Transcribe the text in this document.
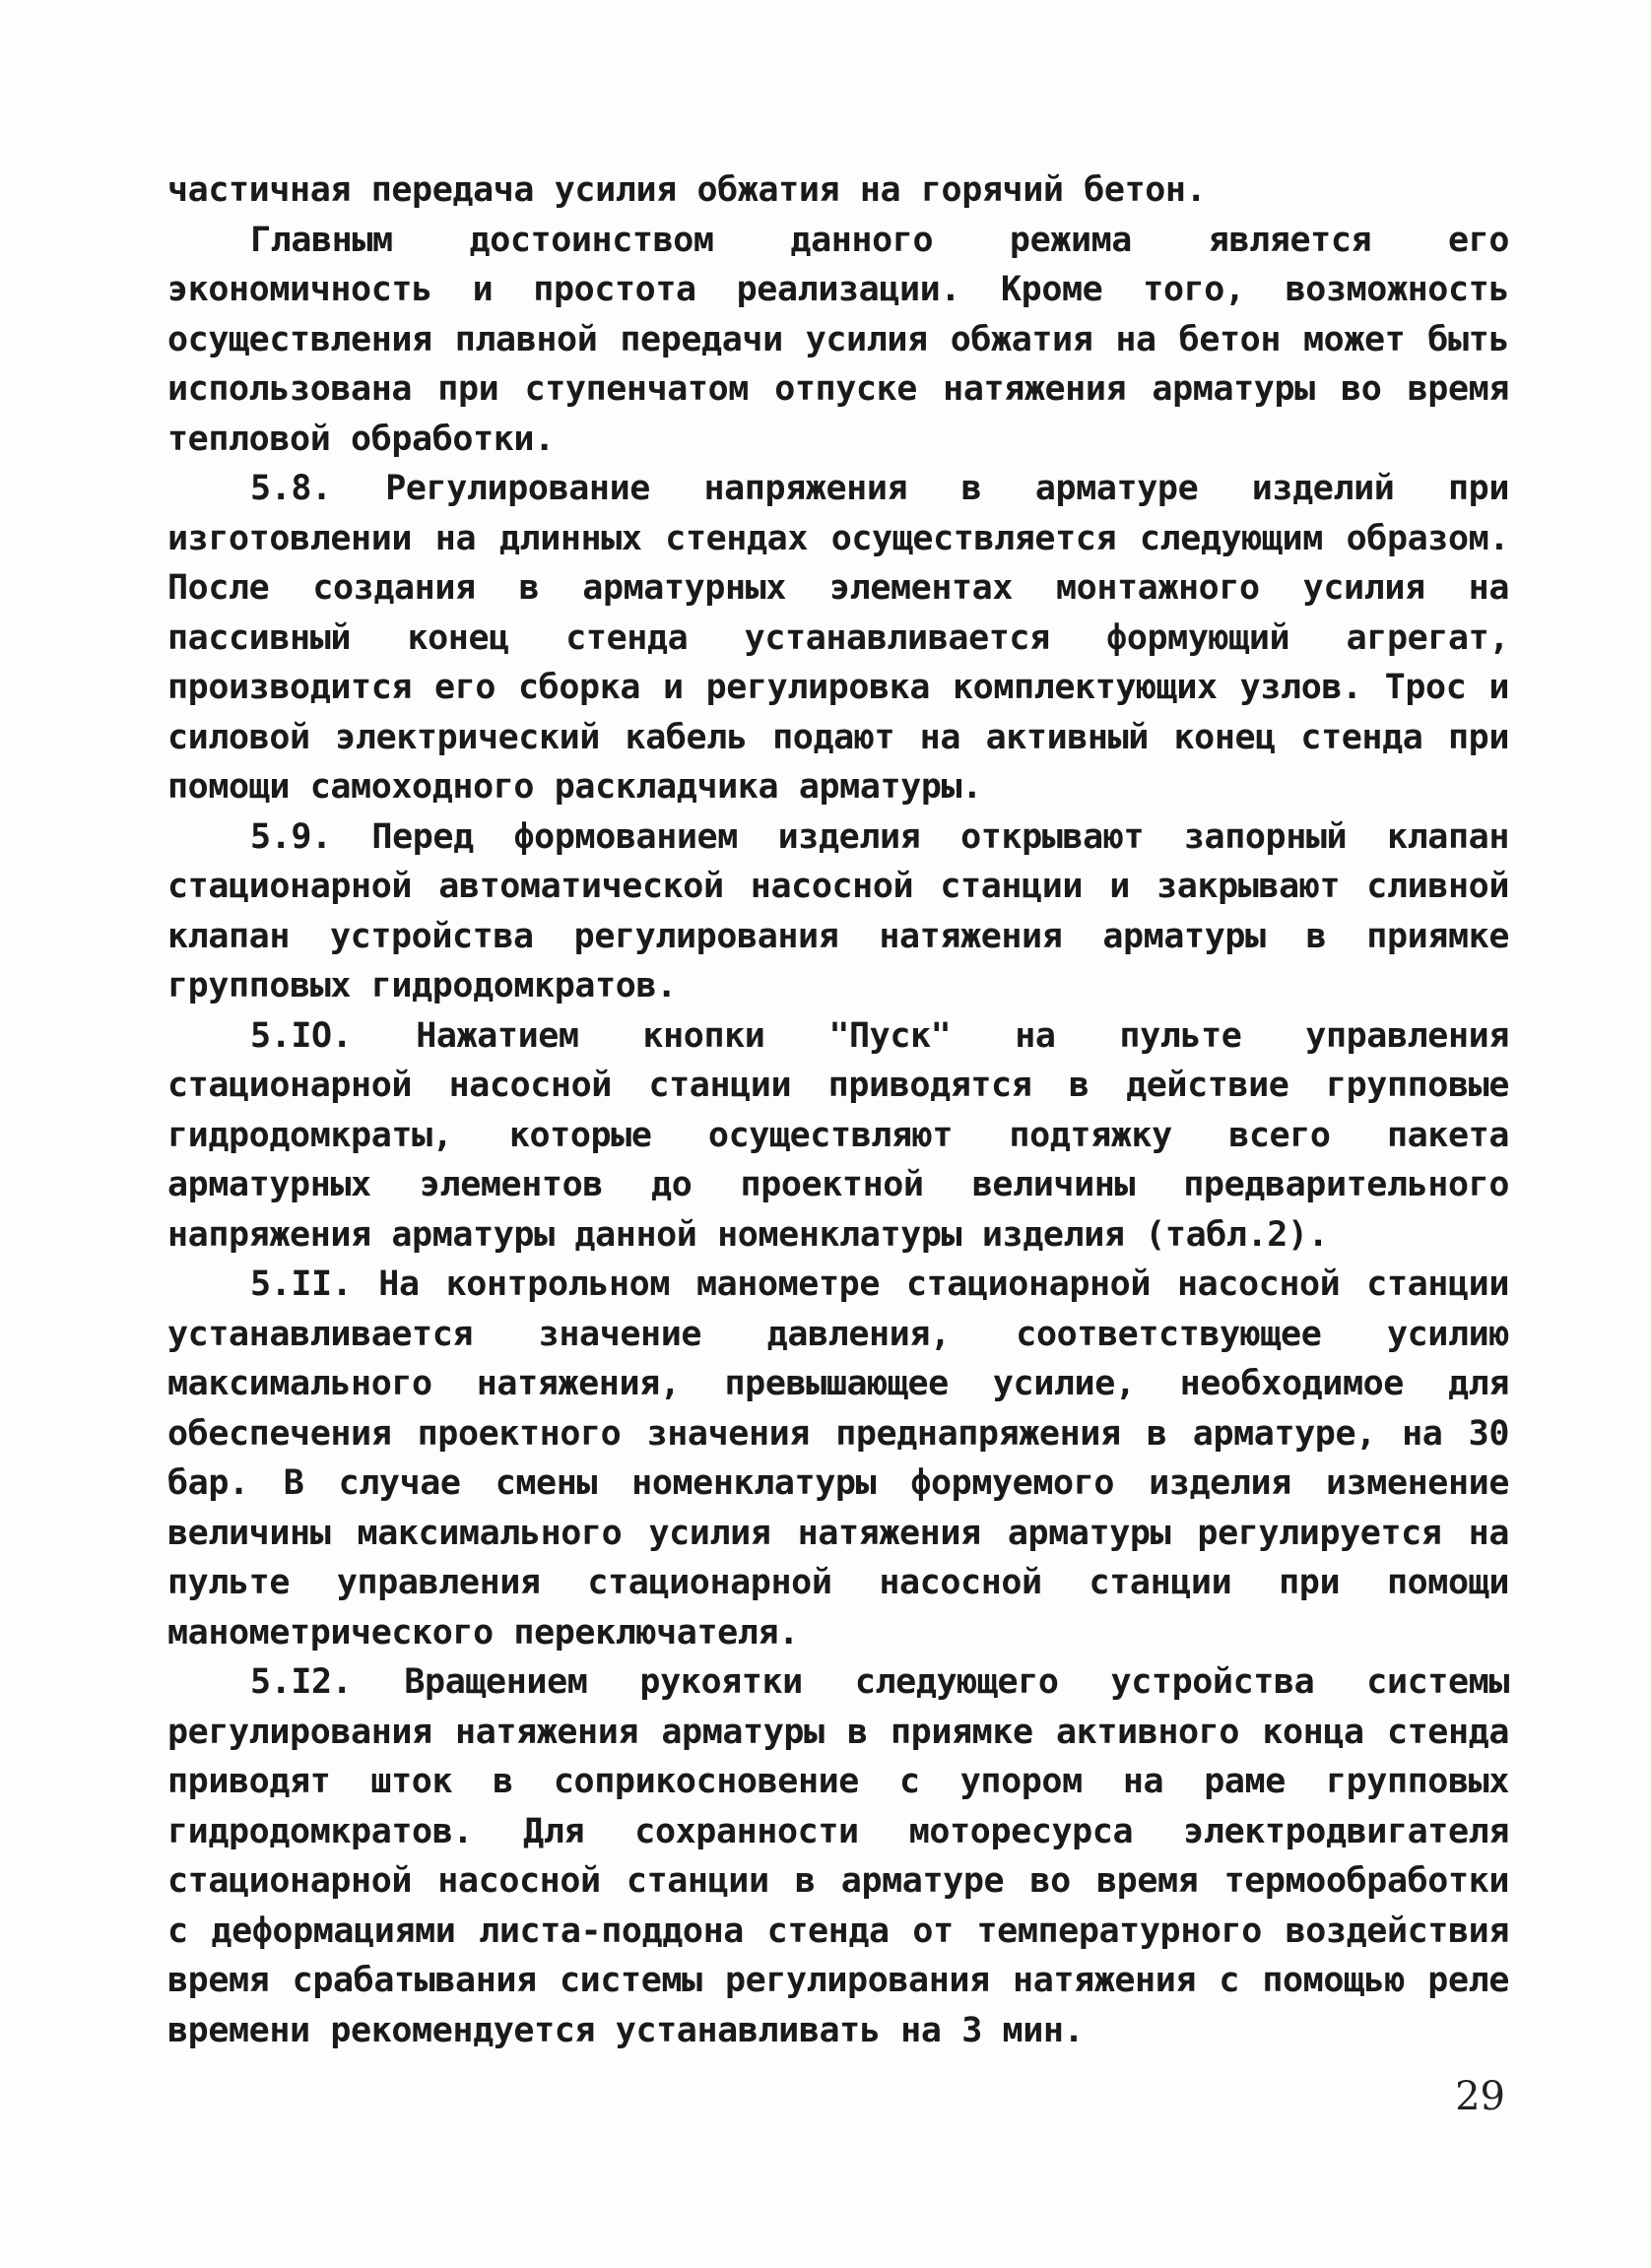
частичная передача усилия обжатия на горячий бетон.

Главным достоинством данного режима является его экономичность и простота реализации. Кроме того, возможность осуществления плавной передачи усилия обжатия на бетон может быть использована при ступенчатом отпуске натяжения арматуры во время тепловой обработки.

5.8. Регулирование напряжения в арматуре изделий при изготовлении на длинных стендах осуществляется следующим образом. После создания в арматурных элементах монтажного усилия на пассивный конец стенда устанавливается формующий агрегат, производится его сборка и регулировка комплектующих узлов. Трос и силовой электрический кабель подают на активный конец стенда при помощи самоходного раскладчика арматуры.

5.9. Перед формованием изделия открывают запорный клапан стационарной автоматической насосной станции и закрывают сливной клапан устройства регулирования натяжения арматуры в приямке групповых гидродомкратов.

5.IO. Нажатием кнопки "Пуск" на пульте управления стационарной насосной станции приводятся в действие групповые гидродомкраты, которые осуществляют подтяжку всего пакета арматурных элементов до проектной величины предварительного напряжения арматуры данной номенклатуры изделия (табл.2).

5.II. На контрольном манометре стационарной насосной станции устанавливается значение давления, соответствующее усилию максимального натяжения, превышающее усилие, необходимое для обеспечения проектного значения преднапряжения в арматуре, на 30 бар. В случае смены номенклатуры формуемого изделия изменение величины максимального усилия натяжения арматуры регулируется на пульте управления стационарной насосной станции при помощи манометрического переключателя.

5.I2. Вращением рукоятки следующего устройства системы регулирования натяжения арматуры в приямке активного конца стенда приводят шток в соприкосновение с упором на раме групповых гидродомкратов. Для сохранности моторесурса электродвигателя стационарной насосной станции в арматуре во время термообработки с деформациями листа-поддона стенда от температурного воздействия время срабатывания системы регулирования натяжения с помощью реле времени рекомендуется устанавливать на 3 мин.

29
